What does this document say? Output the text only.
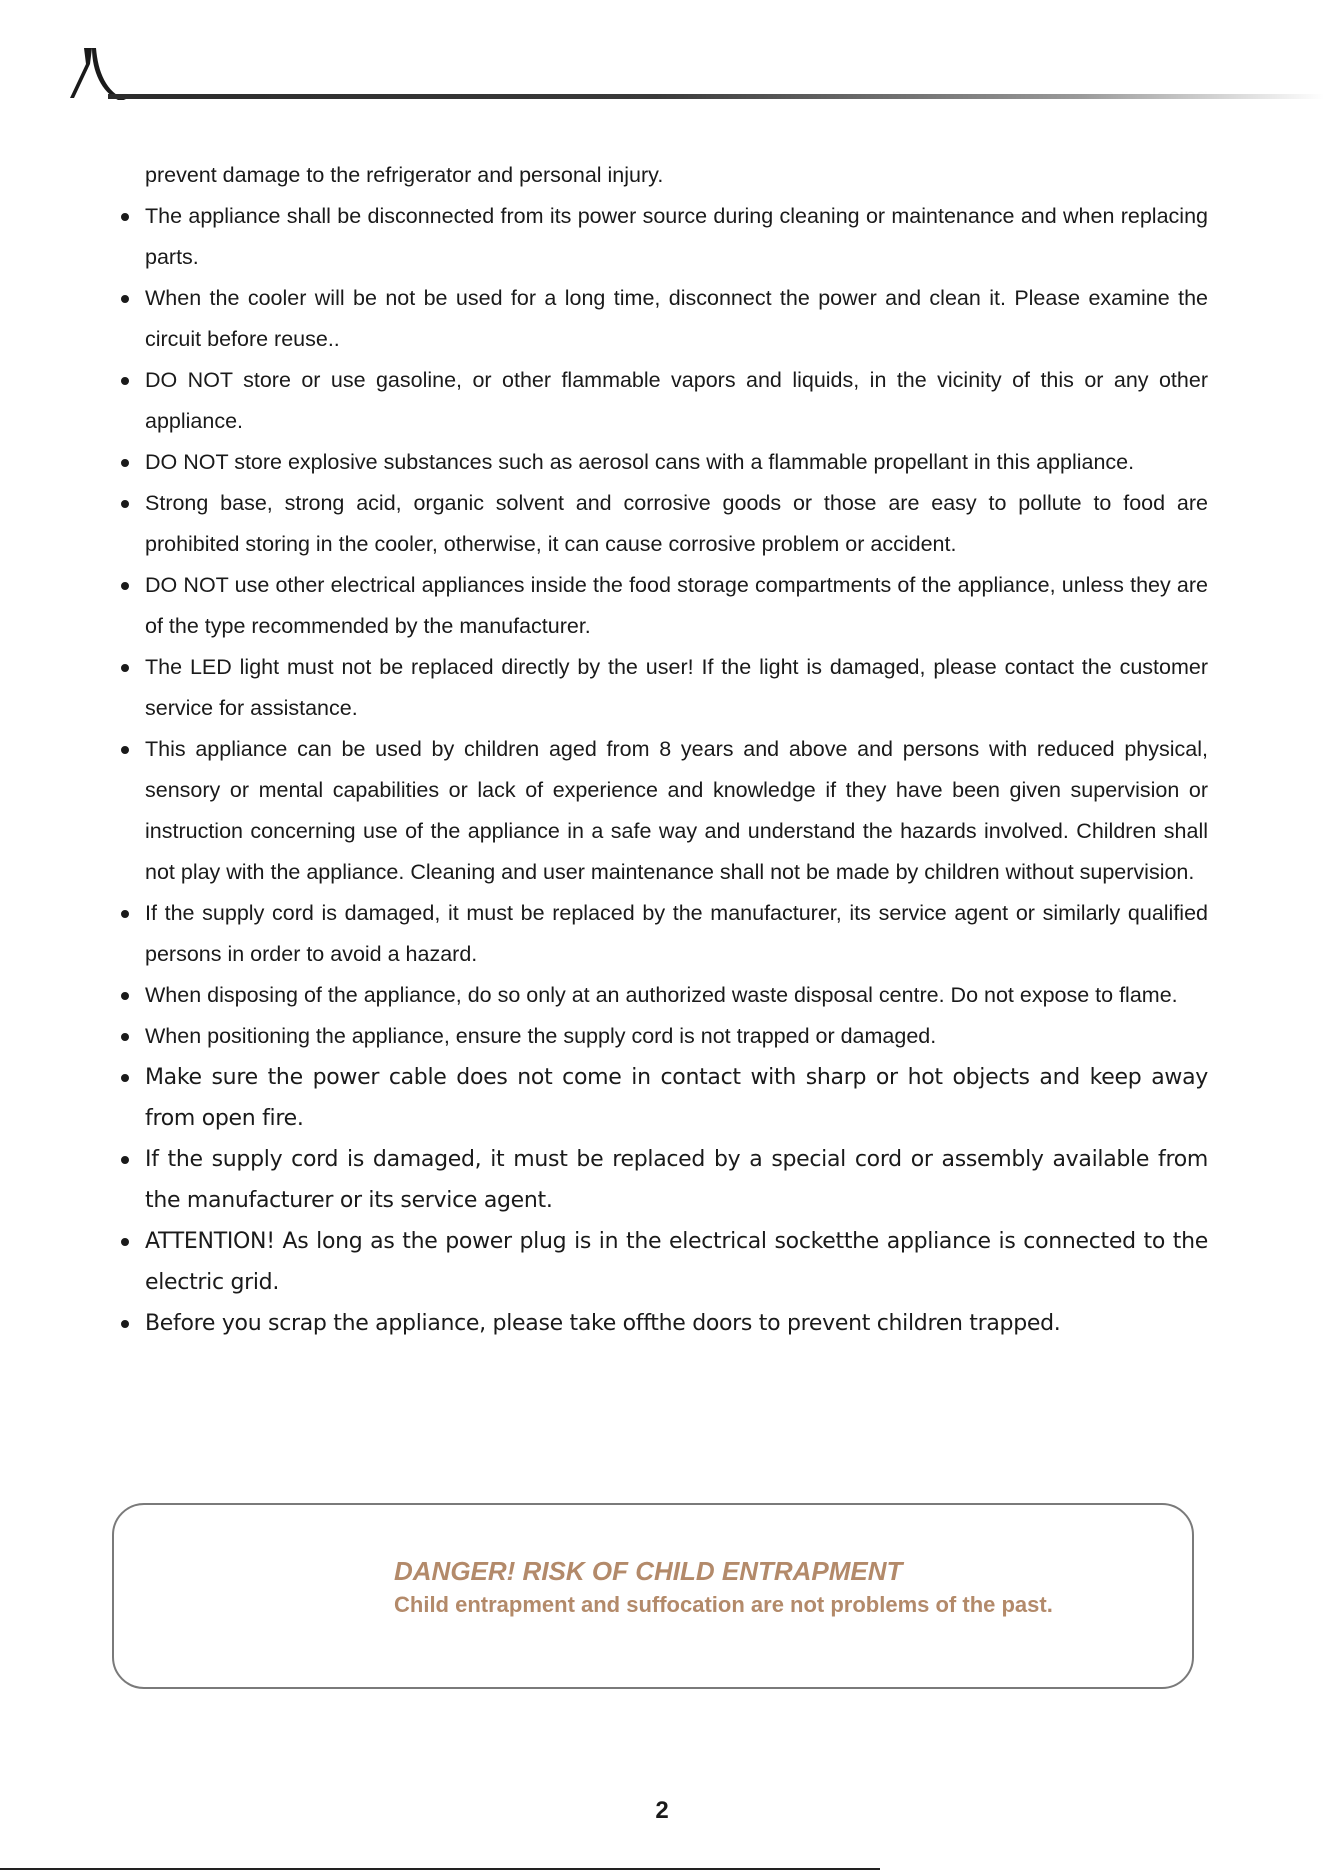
prevent damage to the refrigerator and personal injury.

The appliance shall be disconnected from its power source during cleaning or maintenance and when replacing parts.
When the cooler will be not be used for a long time, disconnect the power and clean it. Please examine the circuit before reuse..
DO NOT store or use gasoline, or other flammable vapors and liquids, in the vicinity of this or any other appliance.
DO NOT store explosive substances such as aerosol cans with a flammable propellant in this appliance.
Strong base, strong acid, organic solvent and corrosive goods or those are easy to pollute to food are prohibited storing in the cooler, otherwise, it can cause corrosive problem or accident.
DO NOT use other electrical appliances inside the food storage compartments of the appliance, unless they are of the type recommended by the manufacturer.
The LED light must not be replaced directly by the user! If the light is damaged, please contact the customer service for assistance.
This appliance can be used by children aged from 8 years and above and persons with reduced physical, sensory or mental capabilities or lack of experience and knowledge if they have been given supervision or instruction concerning use of the appliance in a safe way and understand the hazards involved. Children shall not play with the appliance. Cleaning and user maintenance shall not be made by children without supervision.
If the supply cord is damaged, it must be replaced by the manufacturer, its service agent or similarly qualified persons in order to avoid a hazard.
When disposing of the appliance, do so only at an authorized waste disposal centre. Do not expose to flame.
When positioning the appliance, ensure the supply cord is not trapped or damaged.
Make sure the power cable does not come in contact with sharp or hot objects and keep away from open fire.
If the supply cord is damaged, it must be replaced by a special cord or assembly available from the manufacturer or its service agent.
ATTENTION! As long as the power plug is in the electrical socketthe appliance is connected to the electric grid.
Before you scrap the appliance, please take offthe doors to prevent children trapped.

DANGER! RISK OF CHILD ENTRAPMENT

Child entrapment and suffocation are not problems of the past.

2
